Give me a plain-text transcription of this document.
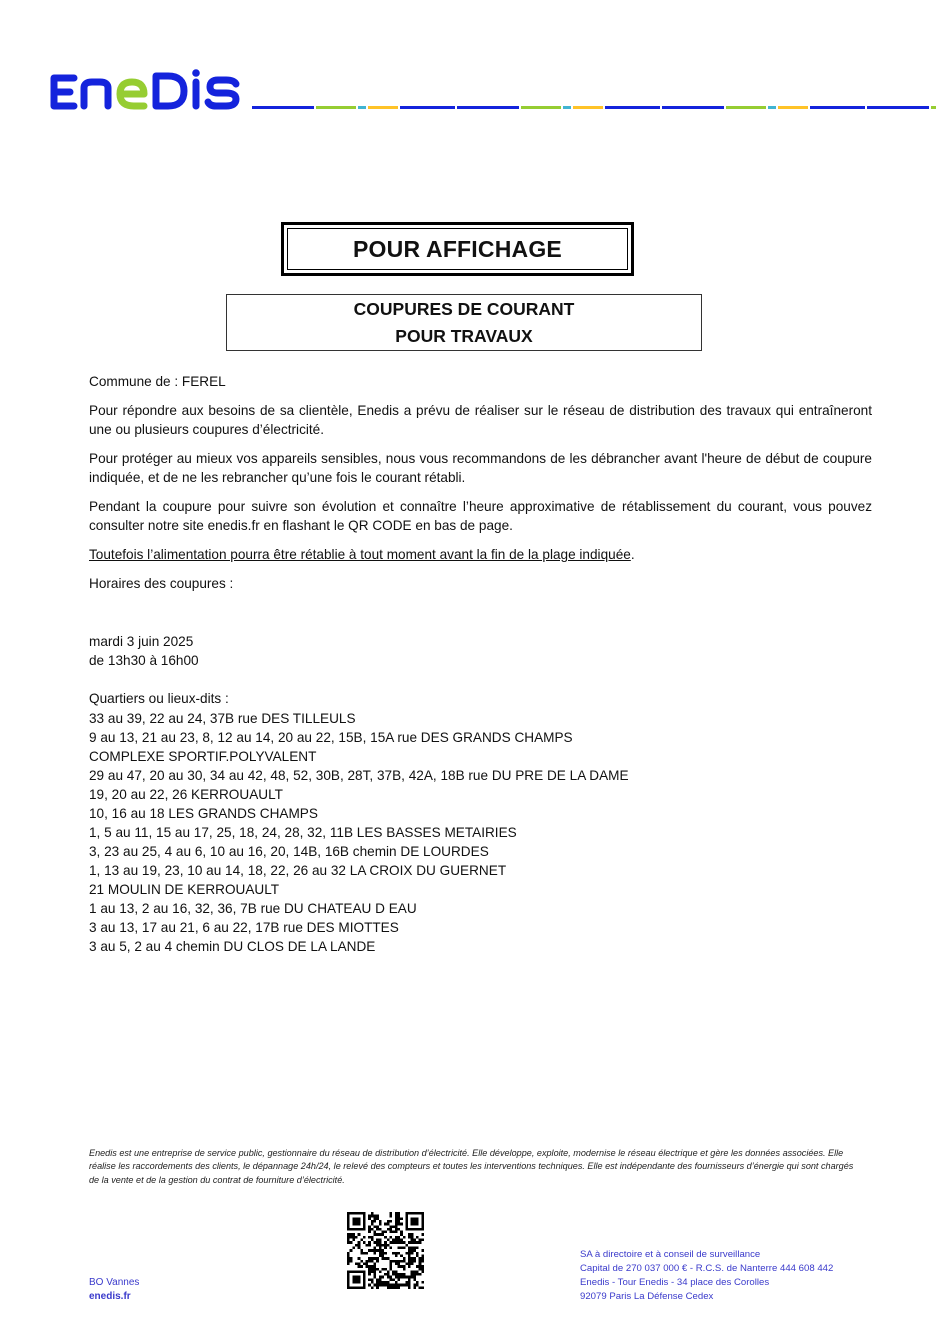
POUR AFFICHAGE
COUPURES DE COURANT
POUR TRAVAUX
Commune de : FEREL

Pour répondre aux besoins de sa clientèle, Enedis a prévu de réaliser sur le réseau de distribution des travaux qui entraîneront une ou plusieurs coupures d’électricité.

Pour protéger au mieux vos appareils sensibles, nous vous recommandons de les débrancher avant l'heure de début de coupure indiquée, et de ne les rebrancher qu’une fois le courant rétabli.

Pendant la coupure pour suivre son évolution et connaître l’heure approximative de rétablissement du courant, vous pouvez consulter notre site enedis.fr en flashant le QR CODE en bas de page.

Toutefois l’alimentation pourra être rétablie à tout moment avant la fin de la plage indiquée.
Horaires des coupures :
mardi 3 juin 2025
de 13h30 à 16h00
Quartiers ou lieux-dits :
33 au 39, 22 au 24, 37B rue DES TILLEULS
9 au 13, 21 au 23, 8, 12 au 14, 20 au 22, 15B, 15A rue DES GRANDS CHAMPS
COMPLEXE SPORTIF.POLYVALENT
29 au 47, 20 au 30, 34 au 42, 48, 52, 30B, 28T, 37B, 42A, 18B rue DU PRE DE LA DAME
19, 20 au 22, 26 KERROUAULT
10, 16 au 18 LES GRANDS CHAMPS
1, 5 au 11, 15 au 17, 25, 18, 24, 28, 32, 11B LES BASSES METAIRIES
3, 23 au 25, 4 au 6, 10 au 16, 20, 14B, 16B chemin DE LOURDES
1, 13 au 19, 23, 10 au 14, 18, 22, 26 au 32 LA CROIX DU GUERNET
21 MOULIN DE KERROUAULT
1 au 13, 2 au 16, 32, 36, 7B rue DU CHATEAU D EAU
3 au 13, 17 au 21, 6 au 22, 17B rue DES MIOTTES
3 au 5, 2 au 4 chemin DU CLOS DE LA LANDE
Enedis est une entreprise de service public, gestionnaire du réseau de distribution d’électricité. Elle développe, exploite, modernise le réseau électrique et gère les données associées. Elle réalise les raccordements des clients, le dépannage 24h/24, le relevé des compteurs et toutes les interventions techniques. Elle est indépendante des fournisseurs d’énergie qui sont chargés de la vente et de la gestion du contrat de fourniture d’électricité.
BO Vannes
enedis.fr
SA à directoire et à conseil de surveillance
Capital de 270 037 000 € - R.C.S. de Nanterre 444 608 442
Enedis - Tour Enedis - 34 place des Corolles
92079 Paris La Défense Cedex
